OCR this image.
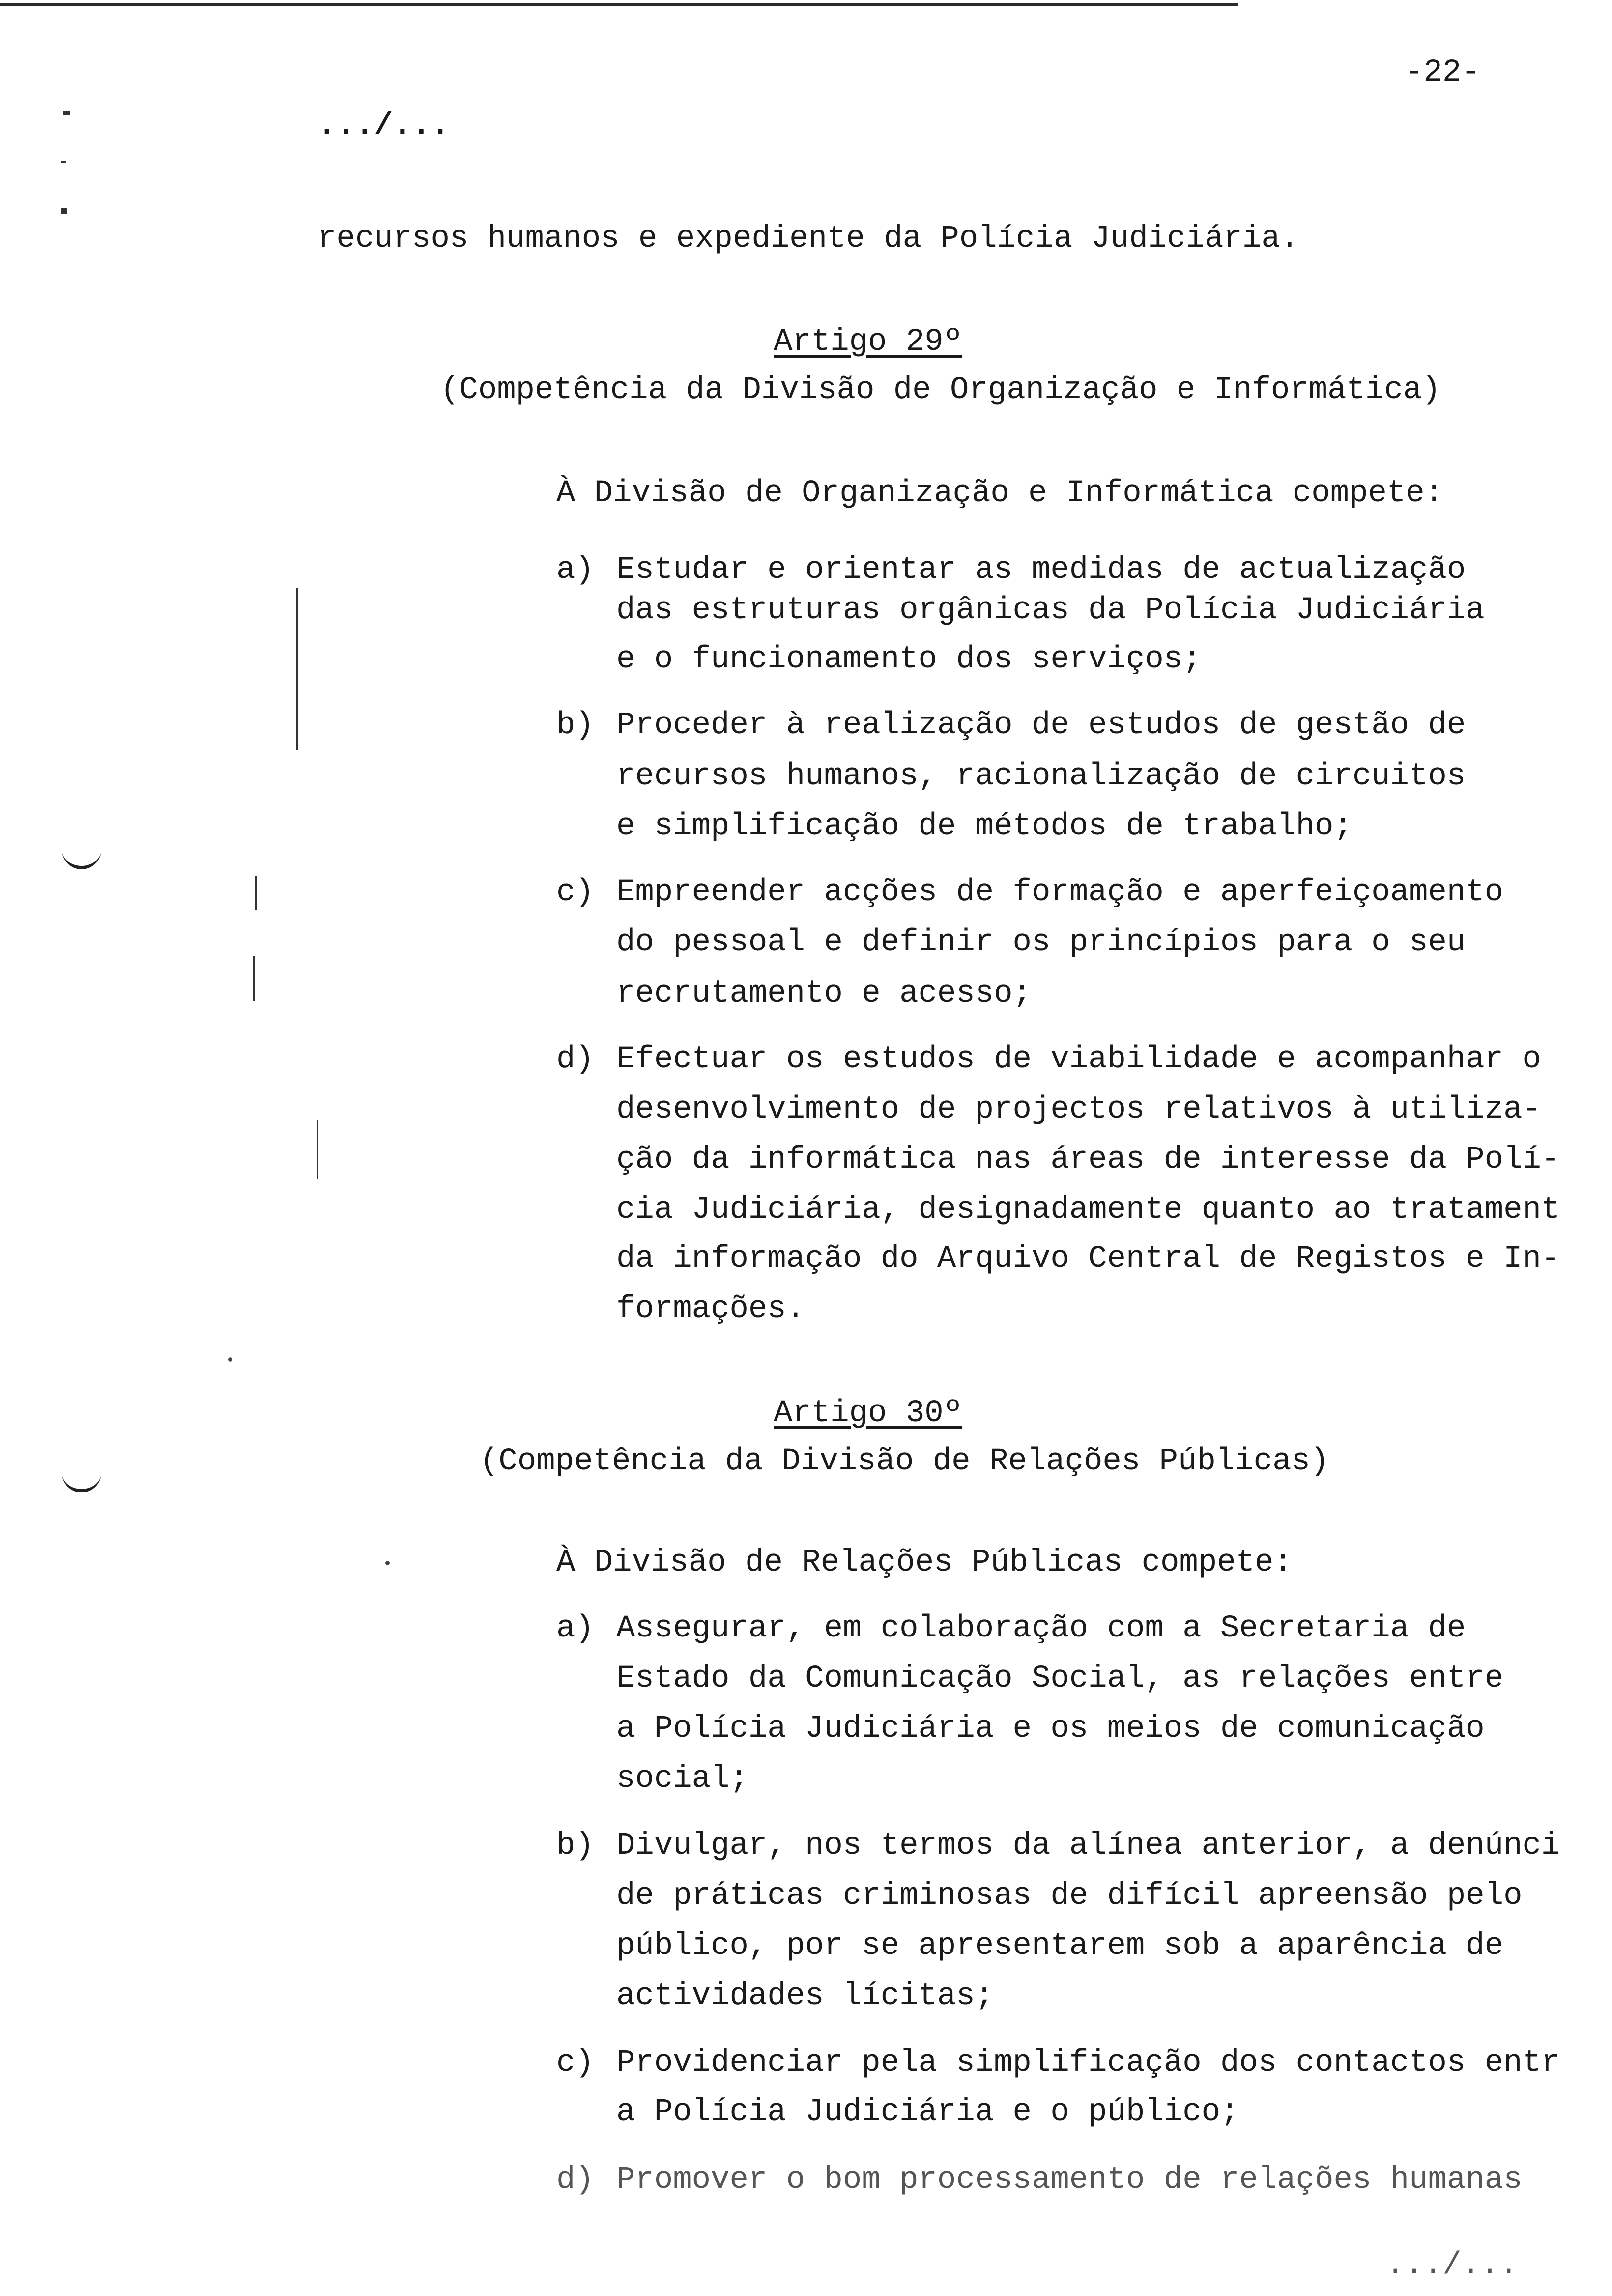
-22-
.../...
recursos humanos e expediente da Polícia Judiciária.
Artigo 29º
(Competência da Divisão de Organização e Informática)
À Divisão de Organização e Informática compete:
a) Estudar e orientar as medidas de actualização
das estruturas orgânicas da Polícia Judiciária
e o funcionamento dos serviços;
b) Proceder à realização de estudos de gestão de
recursos humanos, racionalização de circuitos
e simplificação de métodos de trabalho;
c) Empreender acções de formação e aperfeiçoamento
do pessoal e definir os princípios para o seu
recrutamento e acesso;
d) Efectuar os estudos de viabilidade e acompanhar o
desenvolvimento de projectos relativos à utiliza-
ção da informática nas áreas de interesse da Polí-
cia Judiciária, designadamente quanto ao tratament
da informação do Arquivo Central de Registos e In-
formações.
Artigo 30º
(Competência da Divisão de Relações Públicas)
À Divisão de Relações Públicas compete:
a) Assegurar, em colaboração com a Secretaria de
Estado da Comunicação Social, as relações entre
a Polícia Judiciária e os meios de comunicação
social;
b) Divulgar, nos termos da alínea anterior, a denúnci
de práticas criminosas de difícil apreensão pelo
público, por se apresentarem sob a aparência de
actividades lícitas;
c) Providenciar pela simplificação dos contactos entr
a Polícia Judiciária e o público;
d) Promover o bom processamento de relações humanas
.../...
